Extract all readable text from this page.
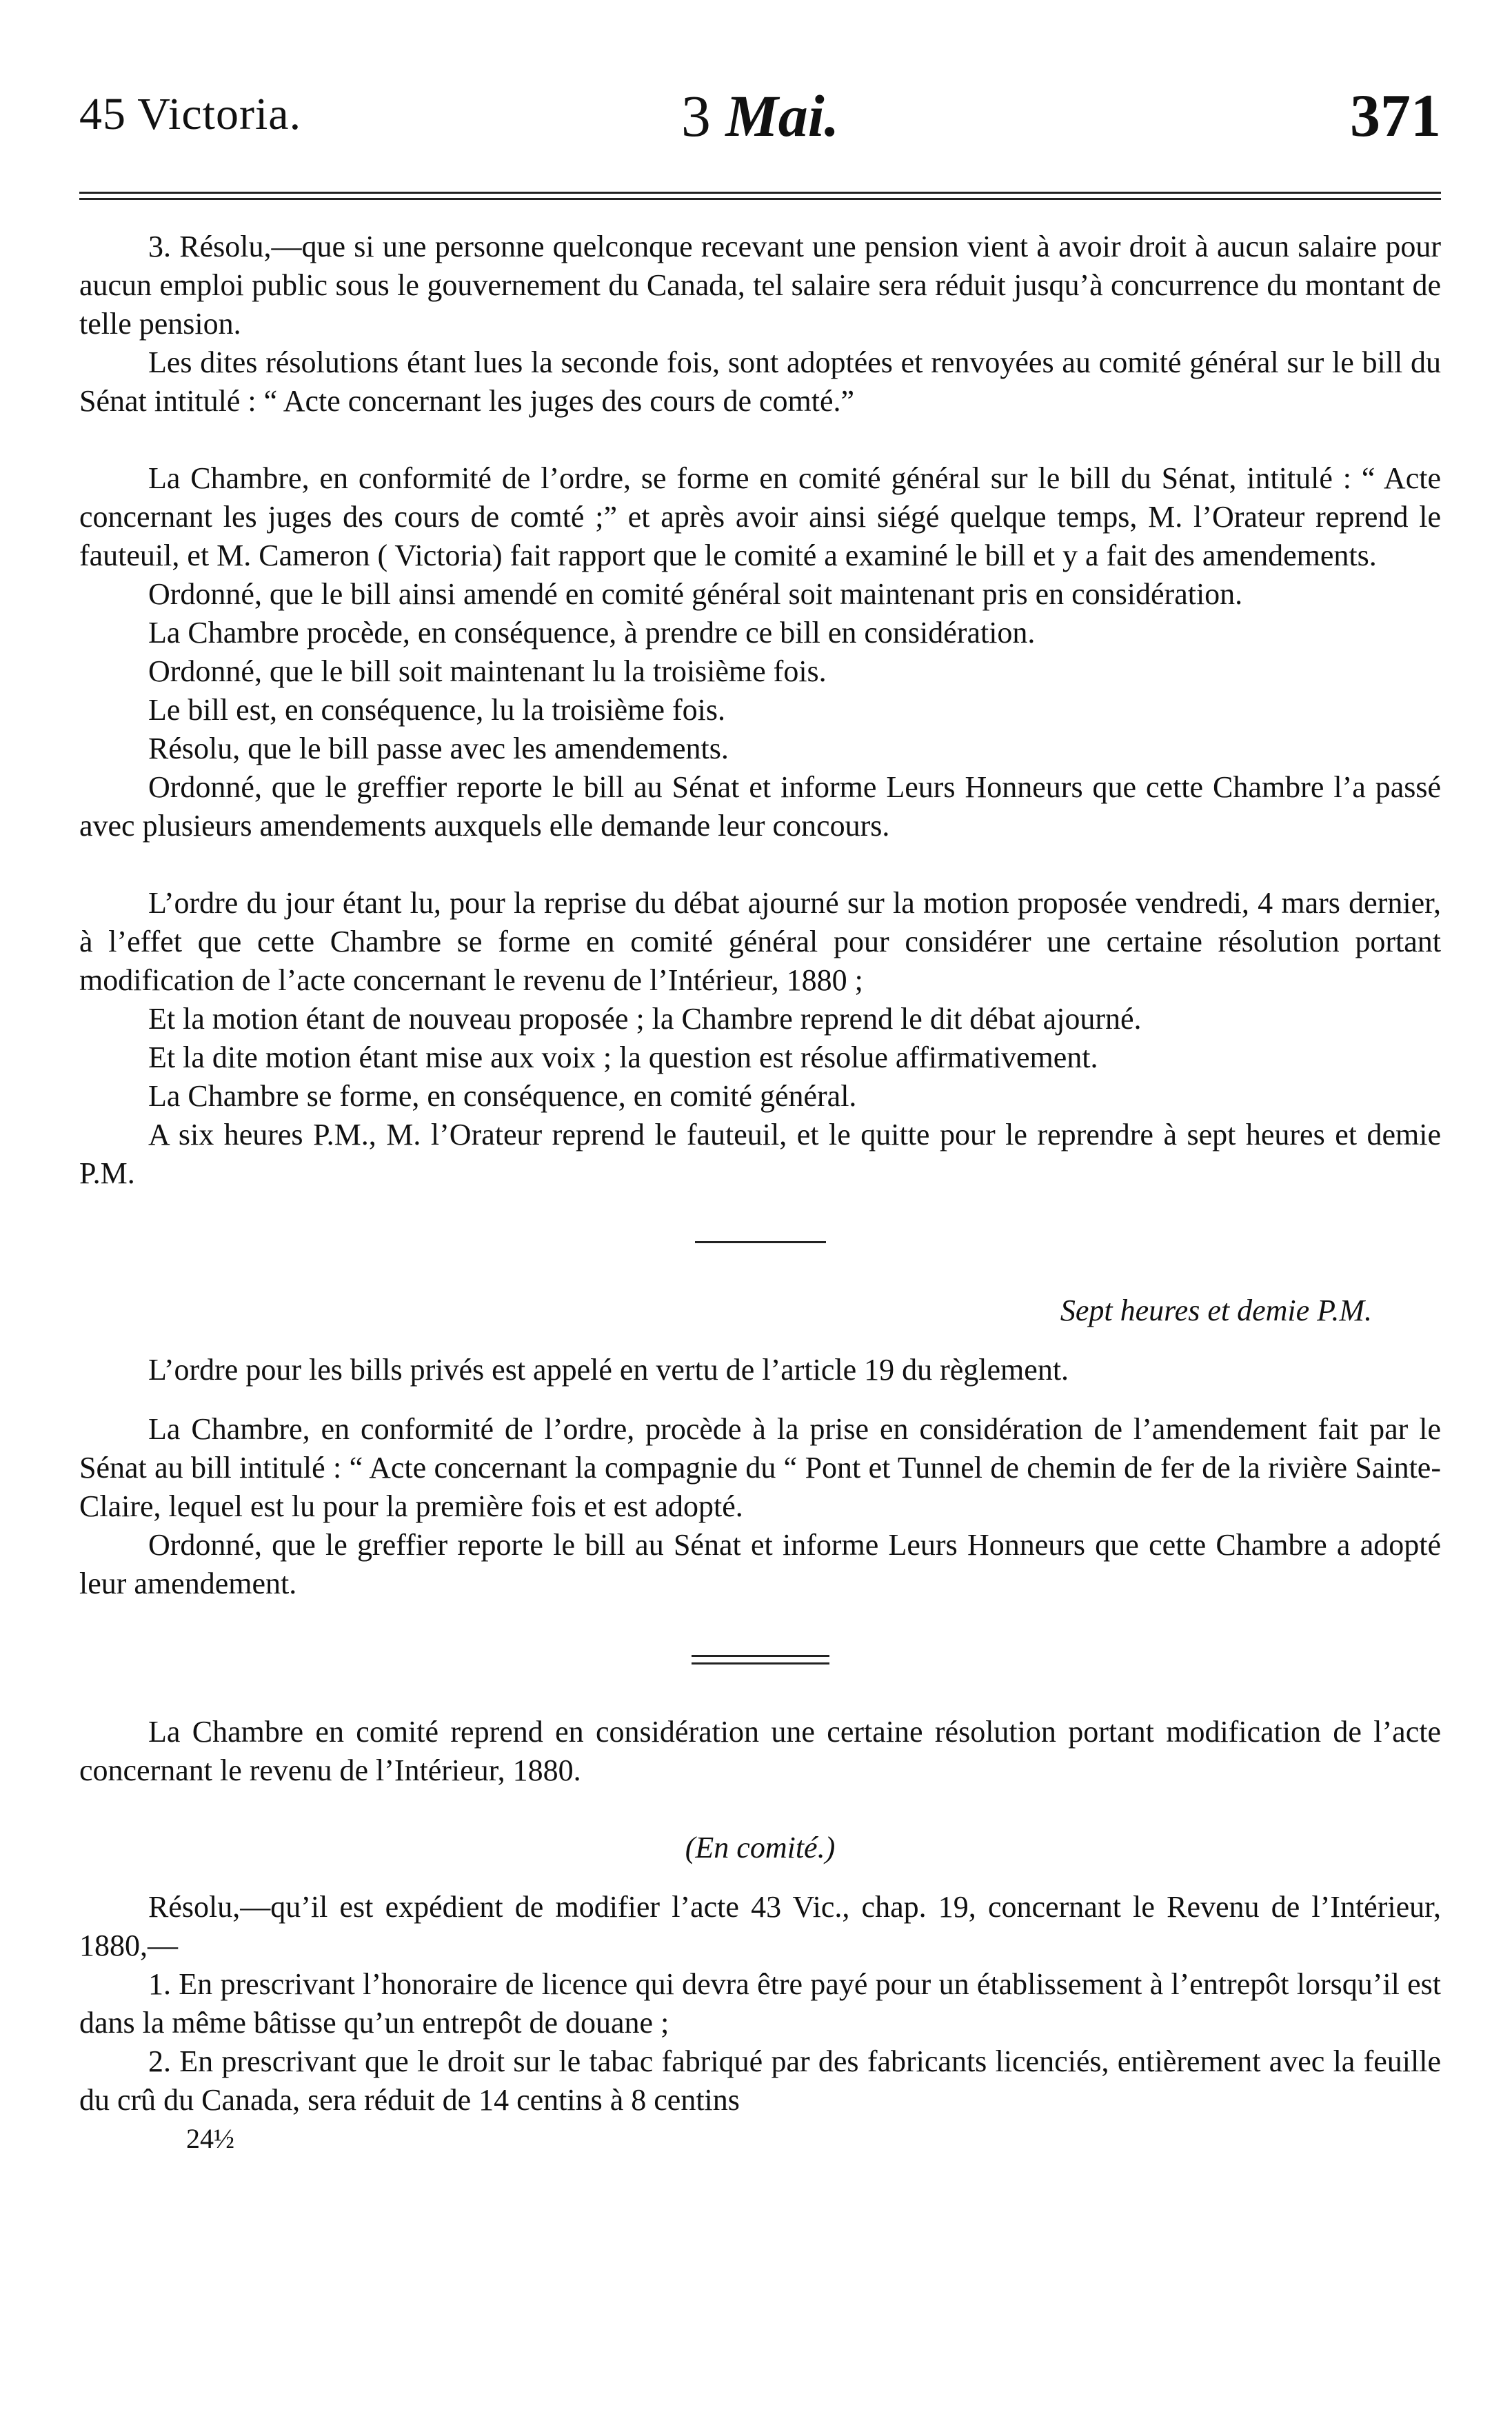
45 Victoria.	3 Mai.	371

3. Résolu,—que si une personne quelconque recevant une pension vient à avoir droit à aucun salaire pour aucun emploi public sous le gouvernement du Canada, tel salaire sera réduit jusqu’à concurrence du montant de telle pension.

Les dites résolutions étant lues la seconde fois, sont adoptées et renvoyées au comité général sur le bill du Sénat intitulé : “ Acte concernant les juges des cours de comté.”

La Chambre, en conformité de l’ordre, se forme en comité général sur le bill du Sénat, intitulé : “ Acte concernant les juges des cours de comté ;” et après avoir ainsi siégé quelque temps, M. l’Orateur reprend le fauteuil, et M. Cameron ( Victoria) fait rapport que le comité a examiné le bill et y a fait des amendements.

Ordonné, que le bill ainsi amendé en comité général soit maintenant pris en considération.

La Chambre procède, en conséquence, à prendre ce bill en considération.

Ordonné, que le bill soit maintenant lu la troisième fois.

Le bill est, en conséquence, lu la troisième fois.

Résolu, que le bill passe avec les amendements.

Ordonné, que le greffier reporte le bill au Sénat et informe Leurs Honneurs que cette Chambre l’a passé avec plusieurs amendements auxquels elle demande leur concours.

L’ordre du jour étant lu, pour la reprise du débat ajourné sur la motion proposée vendredi, 4 mars dernier, à l’effet que cette Chambre se forme en comité général pour considérer une certaine résolution portant modification de l’acte concernant le revenu de l’Intérieur, 1880 ;

Et la motion étant de nouveau proposée ; la Chambre reprend le dit débat ajourné.

Et la dite motion étant mise aux voix ; la question est résolue affirmativement.

La Chambre se forme, en conséquence, en comité général.

A six heures P.M., M. l’Orateur reprend le fauteuil, et le quitte pour le reprendre à sept heures et demie P.M.

Sept heures et demie P.M.

L’ordre pour les bills privés est appelé en vertu de l’article 19 du règlement.

La Chambre, en conformité de l’ordre, procède à la prise en considération de l’amendement fait par le Sénat au bill intitulé : “ Acte concernant la compagnie du “ Pont et Tunnel de chemin de fer de la rivière Sainte-Claire, lequel est lu pour la première fois et est adopté.

Ordonné, que le greffier reporte le bill au Sénat et informe Leurs Honneurs que cette Chambre a adopté leur amendement.

La Chambre en comité reprend en considération une certaine résolution portant modification de l’acte concernant le revenu de l’Intérieur, 1880.

(En comité.)

Résolu,—qu’il est expédient de modifier l’acte 43 Vic., chap. 19, concernant le Revenu de l’Intérieur, 1880,—

1. En prescrivant l’honoraire de licence qui devra être payé pour un établissement à l’entrepôt lorsqu’il est dans la même bâtisse qu’un entrepôt de douane ;

2. En prescrivant que le droit sur le tabac fabriqué par des fabricants licenciés, entièrement avec la feuille du crû du Canada, sera réduit de 14 centins à 8 centins

24½
